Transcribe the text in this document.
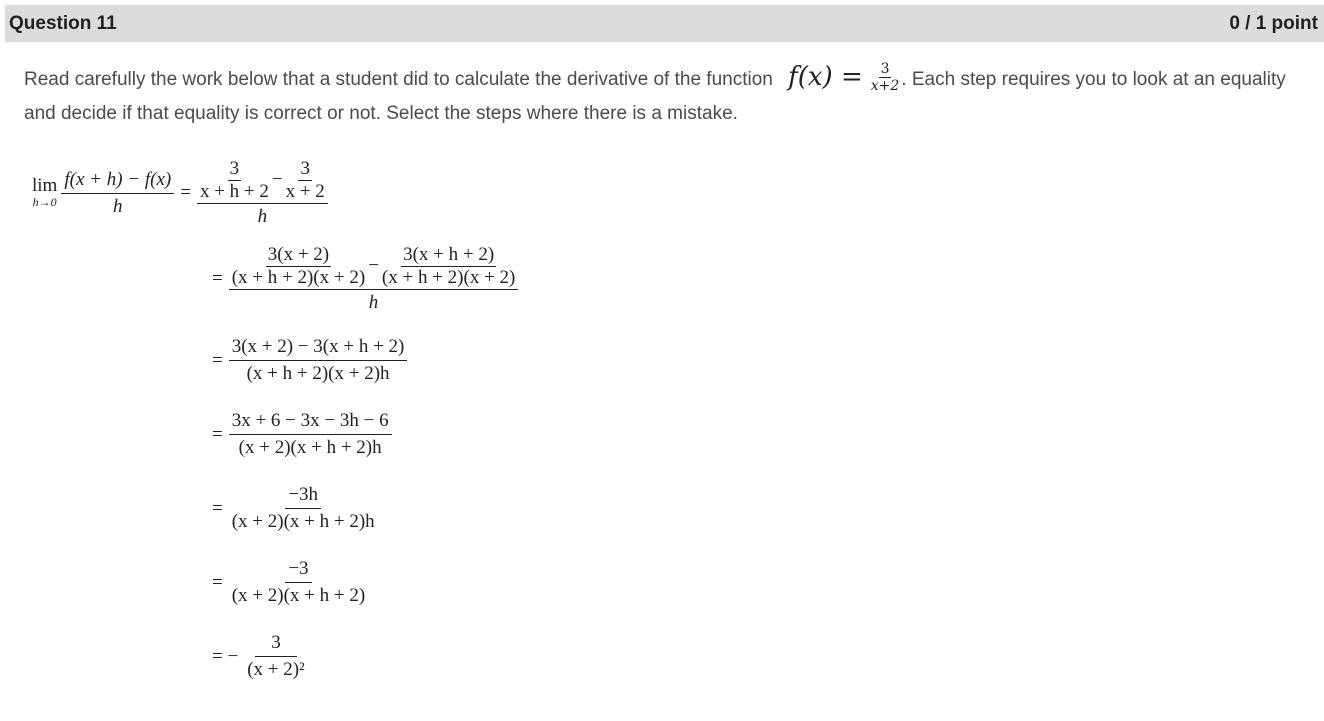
Question 11	0 / 1 point
Read carefully the work below that a student did to calculate the derivative of the function $f(x) = \frac{3}{x+2}$ . Each step requires you to look at an equality and decide if that equality is correct or not. Select the steps where there is a mistake.
lim
$h\to 0 \frac{f(x + h) - f(x)}{h} = \frac{\frac{3}{x + h + 2} - \frac{3}{x + 2}}{h}$
= $\frac{\frac{3(x + 2)}{(x + h + 2)(x + 2)} - \frac{3(x + h + 2)}{(x + h + 2)(x + 2)}}{h}$
= $\frac{3(x + 2) - 3(x + h + 2)}{(x + h + 2)(x + 2)h}$
= $\frac{3x + 6 - 3x - 3h - 6}{(x + 2)(x + h + 2)h}$
= $\frac{-3h}{(x + 2)(x + h + 2)h}$
= $\frac{-3}{(x + 2)(x + h + 2)}$
= − $\frac{3}{\text{(x + 2)²}}$
